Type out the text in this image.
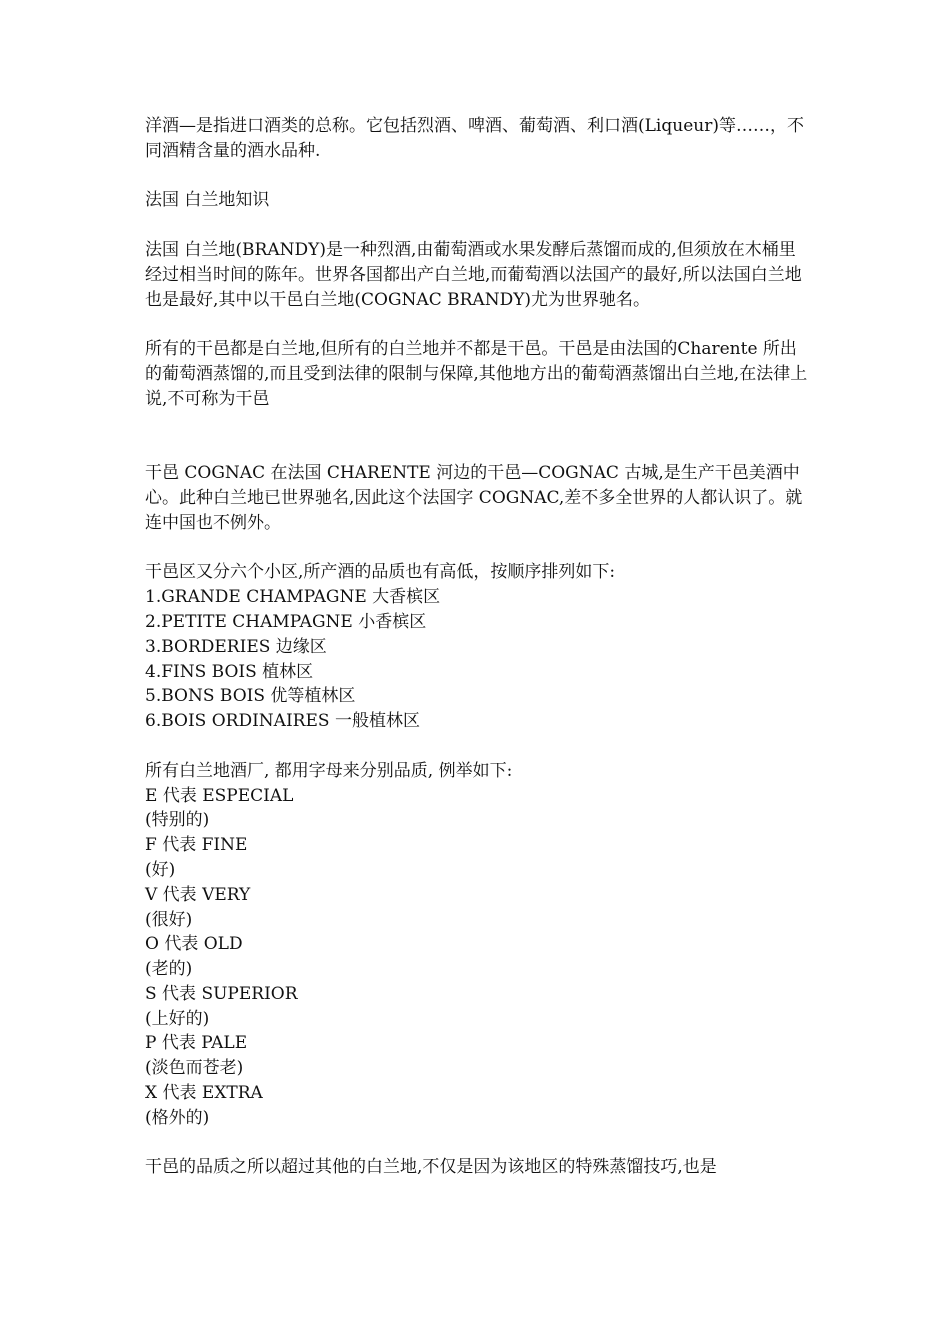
洋酒—是指进口酒类的总称。它包括烈酒、啤酒、葡萄酒、利口酒(Liqueur)等……，不同酒精含量的酒水品种.

法国 白兰地知识

法国 白兰地(BRANDY)是一种烈酒,由葡萄酒或水果发酵后蒸馏而成的,但须放在木桶里经过相当时间的陈年。世界各国都出产白兰地,而葡萄酒以法国产的最好,所以法国白兰地也是最好,其中以干邑白兰地(COGNAC BRANDY)尤为世界驰名。

所有的干邑都是白兰地,但所有的白兰地并不都是干邑。干邑是由法国的Charente 所出的葡萄酒蒸馏的,而且受到法律的限制与保障,其他地方出的葡萄酒蒸馏出白兰地,在法律上说,不可称为干邑

干邑 COGNAC 在法国 CHARENTE 河边的干邑—COGNAC 古城,是生产干邑美酒中心。此种白兰地已世界驰名,因此这个法国字 COGNAC,差不多全世界的人都认识了。就连中国也不例外。

干邑区又分六个小区,所产酒的品质也有高低，按顺序排列如下:

1.GRANDE CHAMPAGNE 大香槟区

2.PETITE CHAMPAGNE 小香槟区

3.BORDERIES 边缘区

4.FINS BOIS 植林区

5.BONS BOIS 优等植林区

6.BOIS ORDINAIRES 一般植林区

所有白兰地酒厂, 都用字母来分别品质, 例举如下:

E 代表 ESPECIAL

(特别的)

F 代表 FINE

(好)

V 代表 VERY

(很好)

O 代表 OLD

(老的)

S 代表 SUPERIOR

(上好的)

P 代表 PALE

(淡色而苍老)

X 代表 EXTRA

(格外的)

干邑的品质之所以超过其他的白兰地,不仅是因为该地区的特殊蒸馏技巧,也是
